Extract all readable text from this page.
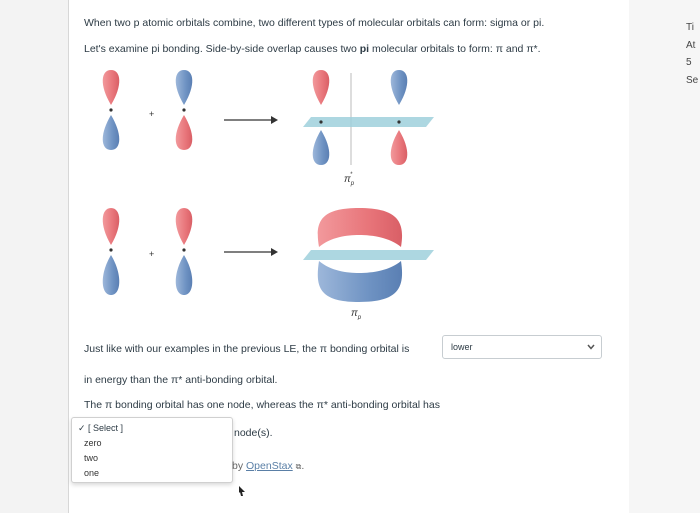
When two p atomic orbitals combine, two different types of molecular orbitals can form: sigma or pi.
Let's examine pi bonding. Side-by-side overlap causes two pi molecular orbitals to form: π and π*.
+
$\pi_p*$
+
$\pi_p$
Just like with our examples in the previous LE, the π bonding orbital is	lower
in energy than the π* anti-bonding orbital.
The π bonding orbital has one node, whereas the π* anti-bonding orbital has
✓ [ Select ]
zero
two
one
node(s).
by OpenStax ⧉.
Ti
At
5
Se
